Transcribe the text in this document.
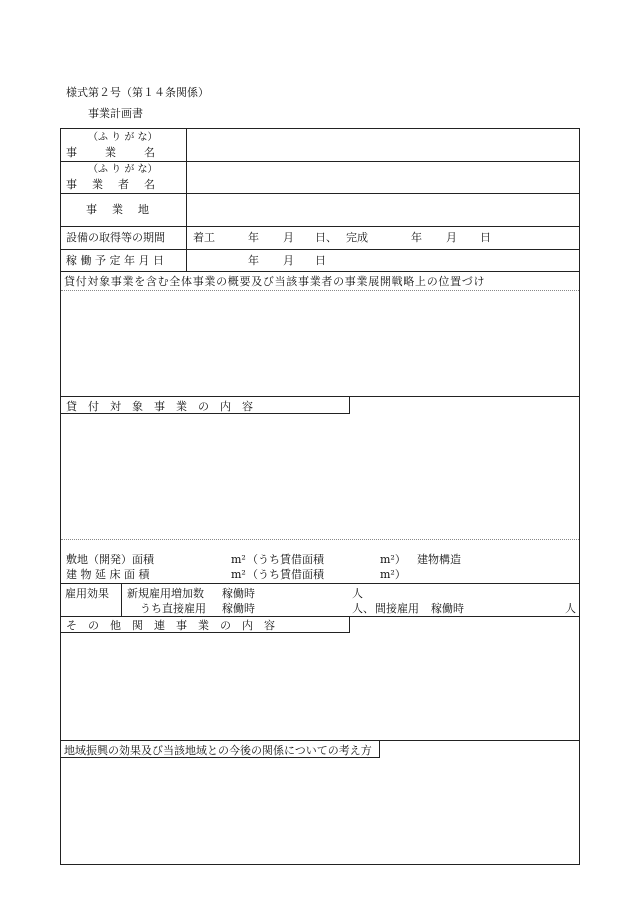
様式第２号（第１４条関係）
事業計画書
（ふ り が な）
事　　業　　名
（ふ り が な）
事　業　者　名
事　業　地
設備の取得等の期間	着工	年 月 日、 完成	年 月 日
稼 働 予 定 年 月 日	年 月 日
貸付対象事業を含む全体事業の概要及び当該事業者の事業展開戦略上の位置づけ
貸　付　対　象　事　業　の　内　容
敷地（開発）面積	m² （うち賃借面積	m²） 建物構造
建 物 延 床 面 積	m² （うち賃借面積	m²）
雇用効果 新規雇用増加数 稼働時	人
うち直接雇用 稼働時	人、 間接雇用 稼働時	人
そ　の　他　関　連　事　業　の　内　容
地域振興の効果及び当該地域との今後の関係についての考え方
